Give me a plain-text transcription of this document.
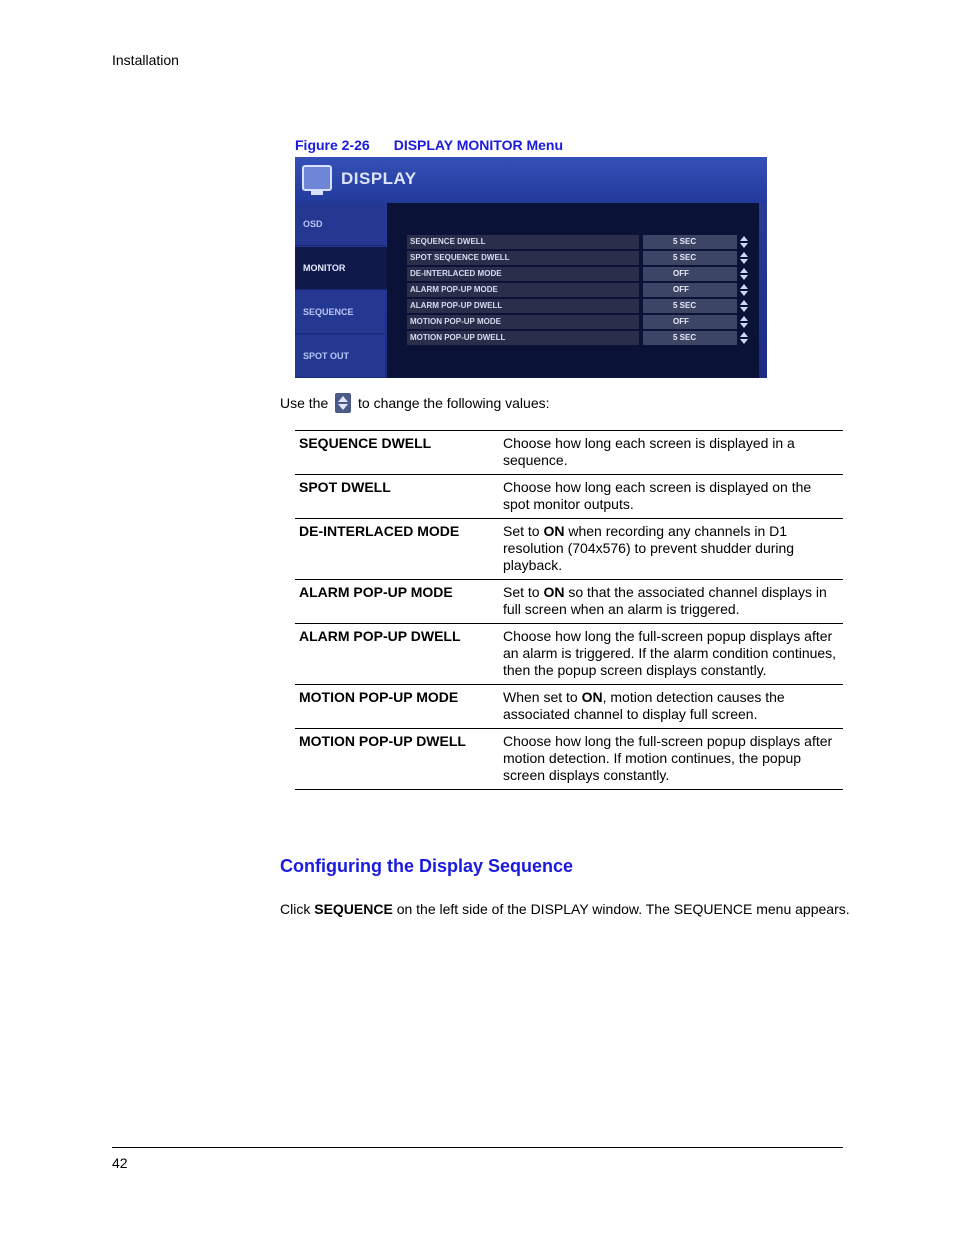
Installation
Figure 2-26 DISPLAY MONITOR Menu
DISPLAY
OSD
MONITOR
SEQUENCE
SPOT OUT
SEQUENCE DWELL	5 SEC
SPOT SEQUENCE DWELL	5 SEC
DE-INTERLACED MODE	OFF
ALARM POP-UP MODE	OFF
ALARM POP-UP DWELL	5 SEC
MOTION POP-UP MODE	OFF
MOTION POP-UP DWELL	5 SEC
Use the to change the following values:
SEQUENCE DWELL	Choose how long each screen is displayed in a sequence.
SPOT DWELL	Choose how long each screen is displayed on the spot monitor outputs.
DE-INTERLACED MODE	Set to ON when recording any channels in D1 resolution (704x576) to prevent shudder during playback.
ALARM POP-UP MODE	Set to ON so that the associated channel displays in full screen when an alarm is triggered.
ALARM POP-UP DWELL	Choose how long the full-screen popup displays after an alarm is triggered. If the alarm condition continues, then the popup screen displays constantly.
MOTION POP-UP MODE	When set to ON, motion detection causes the associated channel to display full screen.
MOTION POP-UP DWELL	Choose how long the full-screen popup displays after motion detection. If motion continues, the popup screen displays constantly.
Configuring the Display Sequence
Click SEQUENCE on the left side of the DISPLAY window. The SEQUENCE menu appears.
42
